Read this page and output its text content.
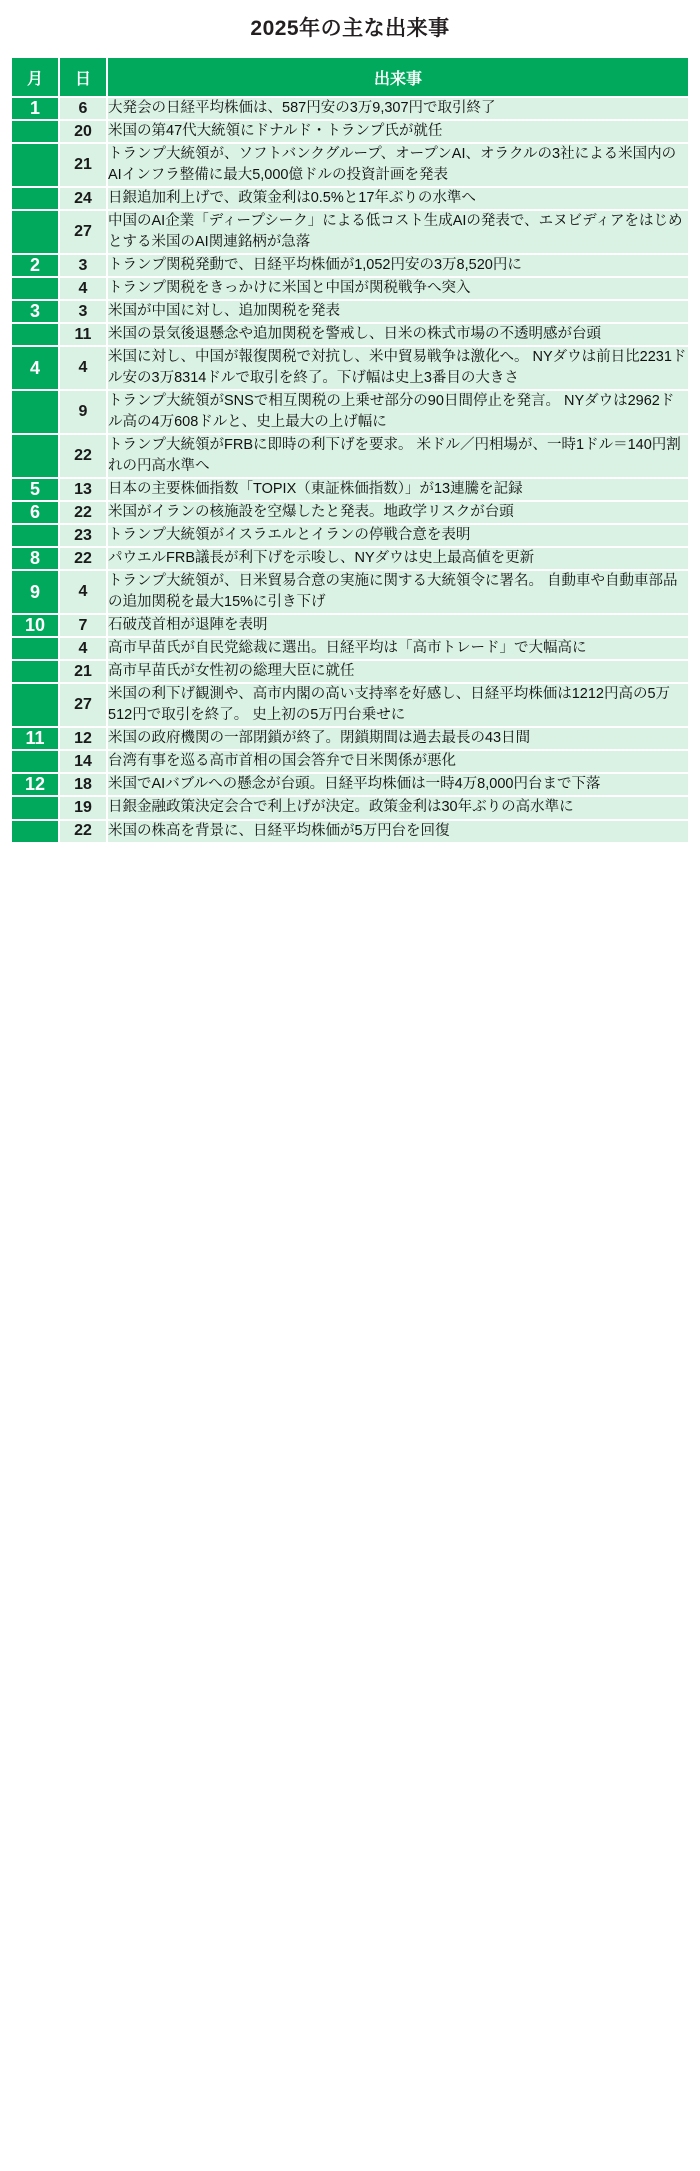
2025年の主な出来事
月	日	出来事
1	6	大発会の日経平均株価は、587円安の3万9,307円で取引終了
	20	米国の第47代大統領にドナルド・トランプ氏が就任
	21	トランプ大統領が、ソフトバンクグループ、オープンAI、オラクルの3社による米国内のAIインフラ整備に最大5,000億ドルの投資計画を発表
	24	日銀追加利上げで、政策金利は0.5%と17年ぶりの水準へ
	27	中国のAI企業「ディープシーク」による低コスト生成AIの発表で、エヌビディアをはじめとする米国のAI関連銘柄が急落
2	3	トランプ関税発動で、日経平均株価が1,052円安の3万8,520円に
	4	トランプ関税をきっかけに米国と中国が関税戦争へ突入
3	3	米国が中国に対し、追加関税を発表
	11	米国の景気後退懸念や追加関税を警戒し、日米の株式市場の不透明感が台頭
4	4	米国に対し、中国が報復関税で対抗し、米中貿易戦争は激化へ。 NYダウは前日比2231ドル安の3万8314ドルで取引を終了。下げ幅は史上3番目の大きさ
	9	トランプ大統領がSNSで相互関税の上乗せ部分の90日間停止を発言。 NYダウは2962ドル高の4万608ドルと、史上最大の上げ幅に
	22	トランプ大統領がFRBに即時の利下げを要求。 米ドル／円相場が、一時1ドル＝140円割れの円高水準へ
5	13	日本の主要株価指数「TOPIX（東証株価指数）」が13連騰を記録
6	22	米国がイランの核施設を空爆したと発表。地政学リスクが台頭
	23	トランプ大統領がイスラエルとイランの停戦合意を表明
8	22	パウエルFRB議長が利下げを示唆し、NYダウは史上最高値を更新
9	4	トランプ大統領が、日米貿易合意の実施に関する大統領令に署名。 自動車や自動車部品の追加関税を最大15%に引き下げ
10	7	石破茂首相が退陣を表明
	4	高市早苗氏が自民党総裁に選出。日経平均は「高市トレード」で大幅高に
	21	高市早苗氏が女性初の総理大臣に就任
	27	米国の利下げ観測や、高市内閣の高い支持率を好感し、日経平均株価は1212円高の5万512円で取引を終了。 史上初の5万円台乗せに
11	12	米国の政府機関の一部閉鎖が終了。閉鎖期間は過去最長の43日間
	14	台湾有事を巡る高市首相の国会答弁で日米関係が悪化
12	18	米国でAIバブルへの懸念が台頭。日経平均株価は一時4万8,000円台まで下落
	19	日銀金融政策決定会合で利上げが決定。政策金利は30年ぶりの高水準に
	22	米国の株高を背景に、日経平均株価が5万円台を回復
